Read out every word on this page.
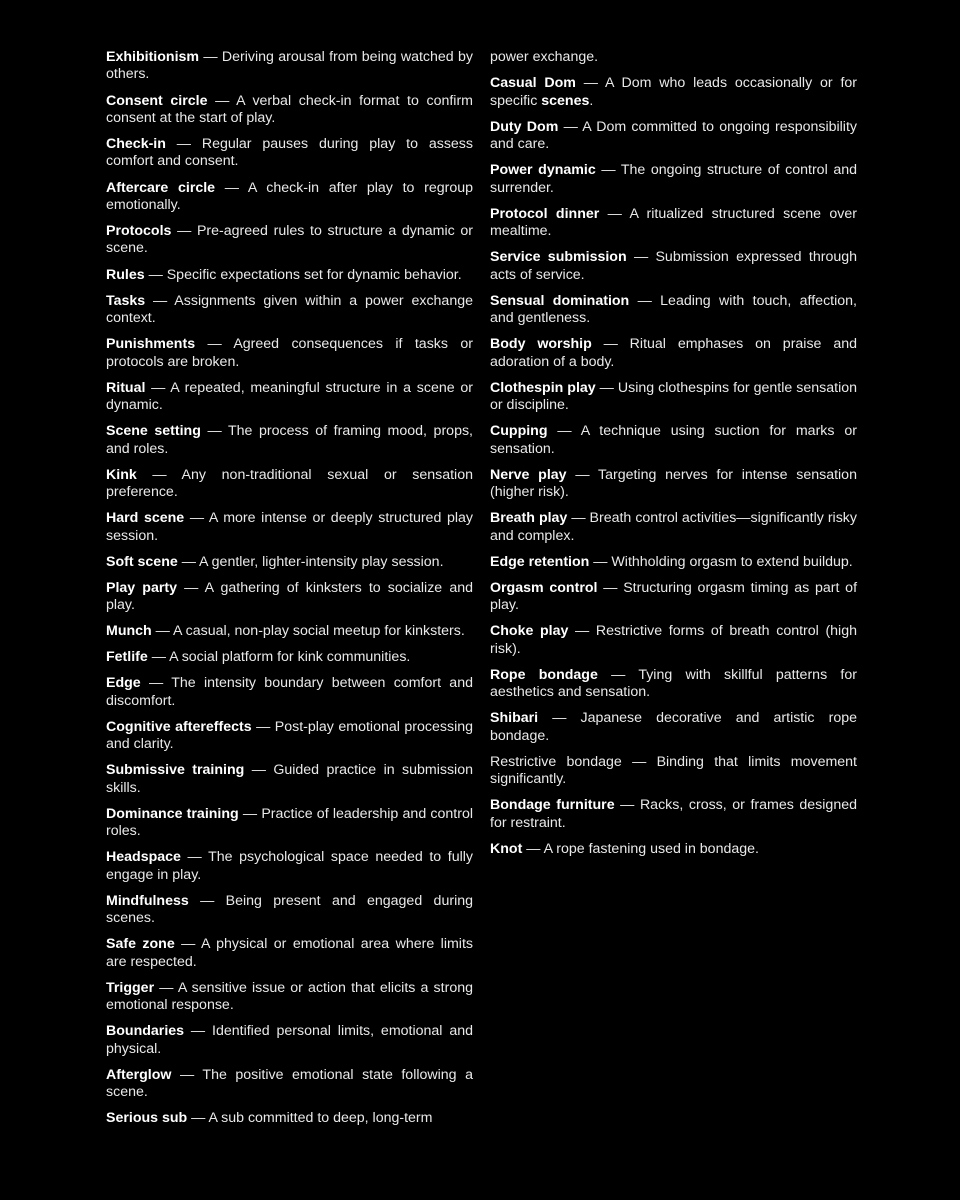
Exhibitionism — Deriving arousal from being watched by others.

Consent circle — A verbal check-in format to confirm consent at the start of play.

Check-in — Regular pauses during play to assess comfort and consent.

Aftercare circle — A check-in after play to regroup emotionally.

Protocols — Pre-agreed rules to structure a dynamic or scene.

Rules — Specific expectations set for dynamic behavior.

Tasks — Assignments given within a power exchange context.

Punishments — Agreed consequences if tasks or protocols are broken.

Ritual — A repeated, meaningful structure in a scene or dynamic.

Scene setting — The process of framing mood, props, and roles.

Kink — Any non-traditional sexual or sensation preference.

Hard scene — A more intense or deeply structured play session.

Soft scene — A gentler, lighter-intensity play session.

Play party — A gathering of kinksters to socialize and play.

Munch — A casual, non-play social meetup for kinksters.

Fetlife — A social platform for kink communities.

Edge — The intensity boundary between comfort and discomfort.

Cognitive aftereffects — Post-play emotional processing and clarity.

Submissive training — Guided practice in submission skills.

Dominance training — Practice of leadership and control roles.

Headspace — The psychological space needed to fully engage in play.

Mindfulness — Being present and engaged during scenes.

Safe zone — A physical or emotional area where limits are respected.

Trigger — A sensitive issue or action that elicits a strong emotional response.

Boundaries — Identified personal limits, emotional and physical.

Afterglow — The positive emotional state following a scene.

Serious sub — A sub committed to deep, long-term

power exchange.

Casual Dom — A Dom who leads occasionally or for specific scenes.

Duty Dom — A Dom committed to ongoing responsibility and care.

Power dynamic — The ongoing structure of control and surrender.

Protocol dinner — A ritualized structured scene over mealtime.

Service submission — Submission expressed through acts of service.

Sensual domination — Leading with touch, affection, and gentleness.

Body worship — Ritual emphases on praise and adoration of a body.

Clothespin play — Using clothespins for gentle sensation or discipline.

Cupping — A technique using suction for marks or sensation.

Nerve play — Targeting nerves for intense sensation (higher risk).

Breath play — Breath control activities—significantly risky and complex.

Edge retention — Withholding orgasm to extend buildup.

Orgasm control — Structuring orgasm timing as part of play.

Choke play — Restrictive forms of breath control (high risk).

Rope bondage — Tying with skillful patterns for aesthetics and sensation.

Shibari — Japanese decorative and artistic rope bondage.

Restrictive bondage — Binding that limits movement significantly.

Bondage furniture — Racks, cross, or frames designed for restraint.

Knot — A rope fastening used in bondage.
